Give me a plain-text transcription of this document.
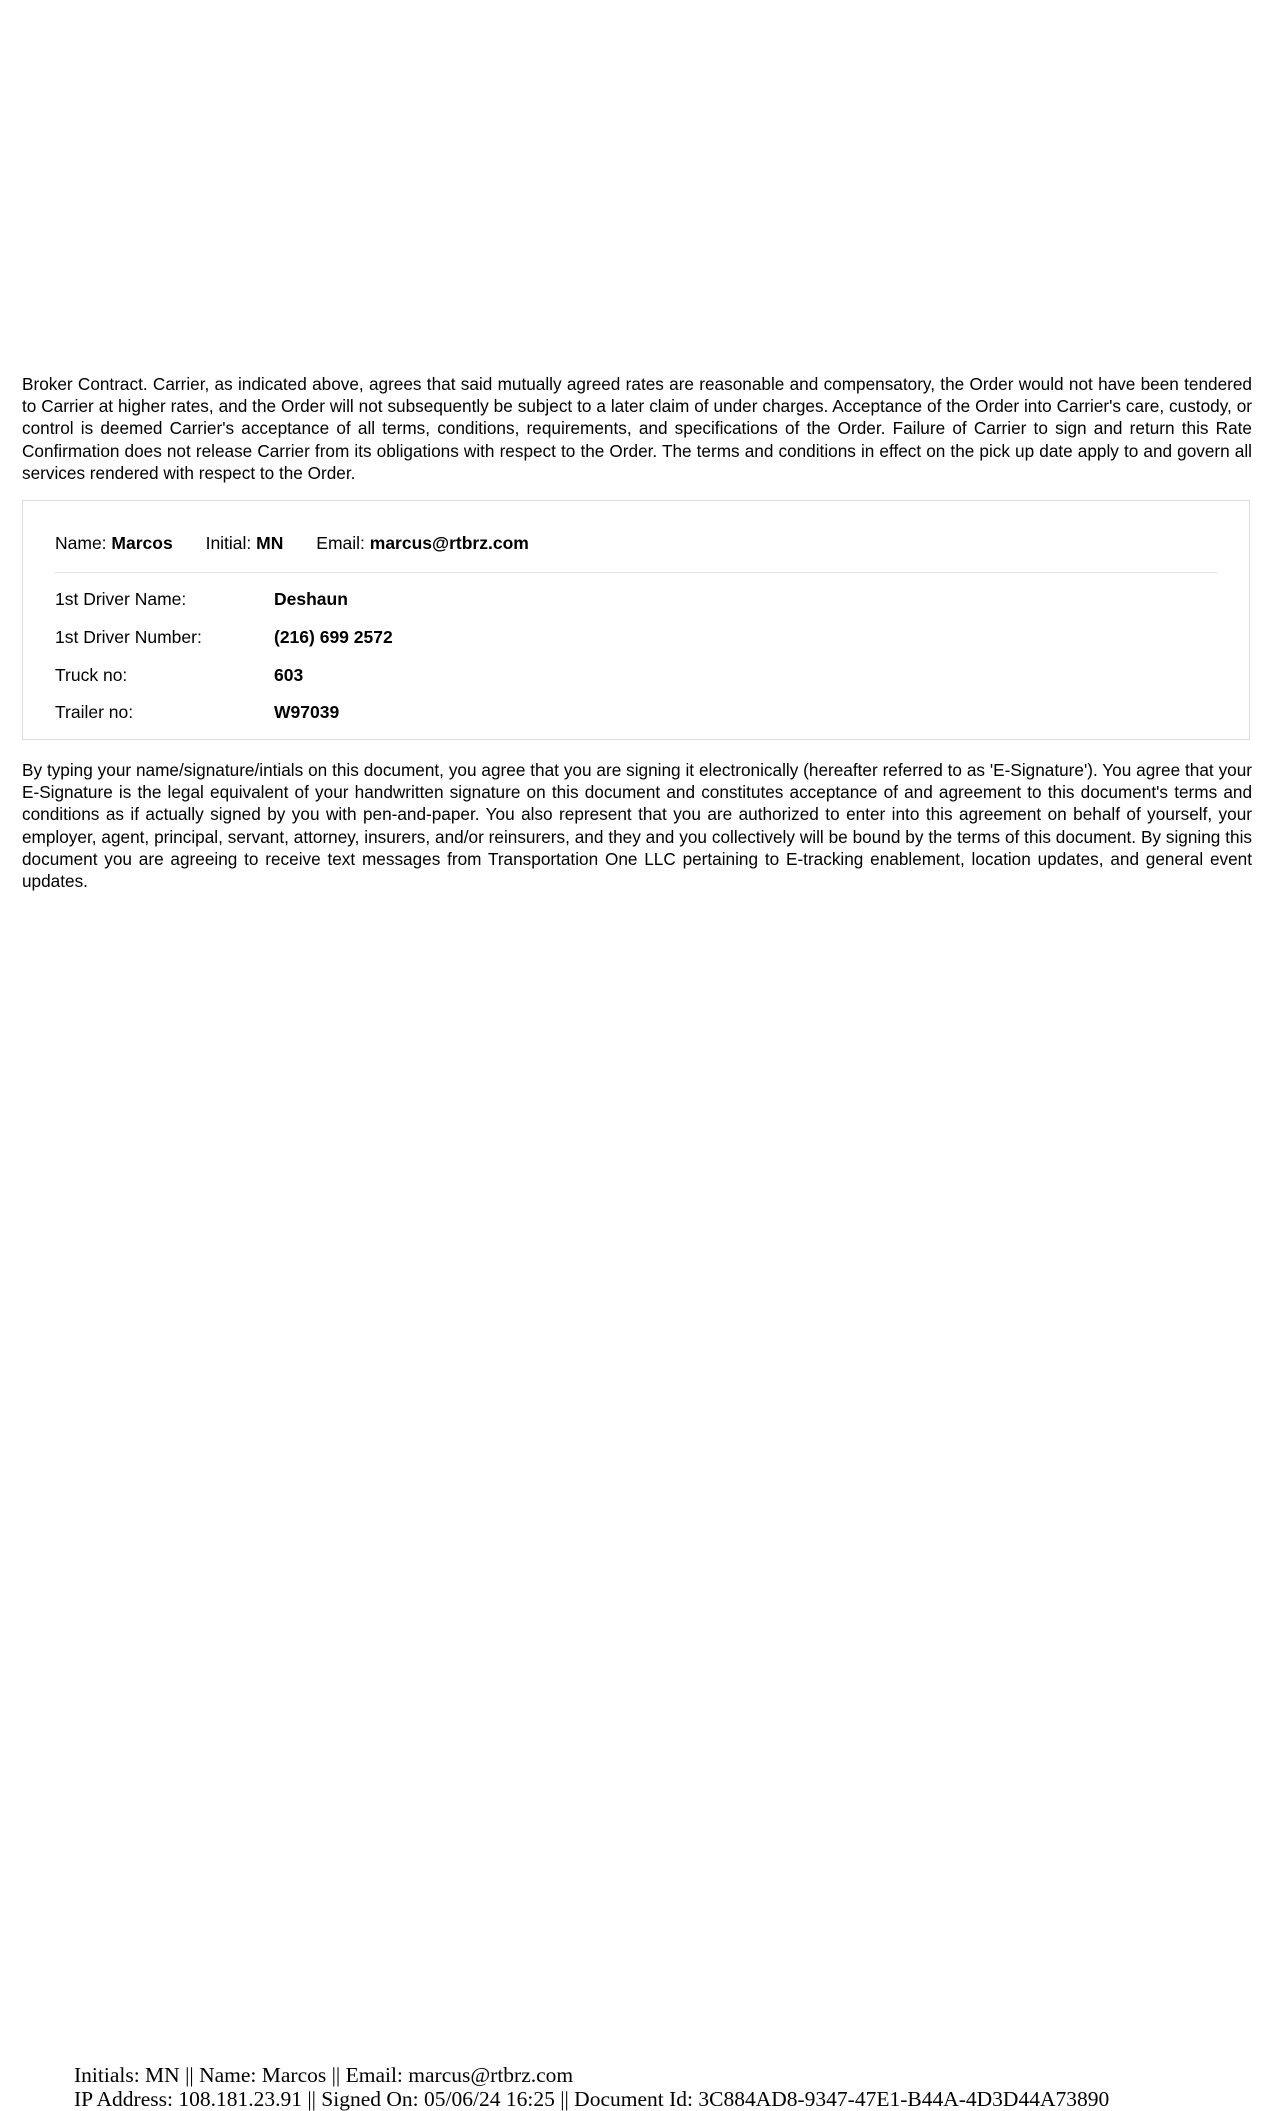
Broker Contract. Carrier, as indicated above, agrees that said mutually agreed rates are reasonable and compensatory, the Order would not have been tendered to Carrier at higher rates, and the Order will not subsequently be subject to a later claim of under charges. Acceptance of the Order into Carrier's care, custody, or control is deemed Carrier's acceptance of all terms, conditions, requirements, and specifications of the Order. Failure of Carrier to sign and return this Rate Confirmation does not release Carrier from its obligations with respect to the Order. The terms and conditions in effect on the pick up date apply to and govern all services rendered with respect to the Order.

Name: Marcos Initial: MN Email: marcus@rtbrz.com
1st Driver Name:	Deshaun
1st Driver Number:	(216) 699 2572
Truck no:	603
Trailer no:	W97039

By typing your name/signature/intials on this document, you agree that you are signing it electronically (hereafter referred to as 'E-Signature'). You agree that your E-Signature is the legal equivalent of your handwritten signature on this document and constitutes acceptance of and agreement to this document's terms and conditions as if actually signed by you with pen-and-paper. You also represent that you are authorized to enter into this agreement on behalf of yourself, your employer, agent, principal, servant, attorney, insurers, and/or reinsurers, and they and you collectively will be bound by the terms of this document. By signing this document you are agreeing to receive text messages from Transportation One LLC pertaining to E-tracking enablement, location updates, and general event updates.

Initials: MN || Name: Marcos || Email: marcus@rtbrz.com
IP Address: 108.181.23.91 || Signed On: 05/06/24 16:25 || Document Id: 3C884AD8-9347-47E1-B44A-4D3D44A73890
